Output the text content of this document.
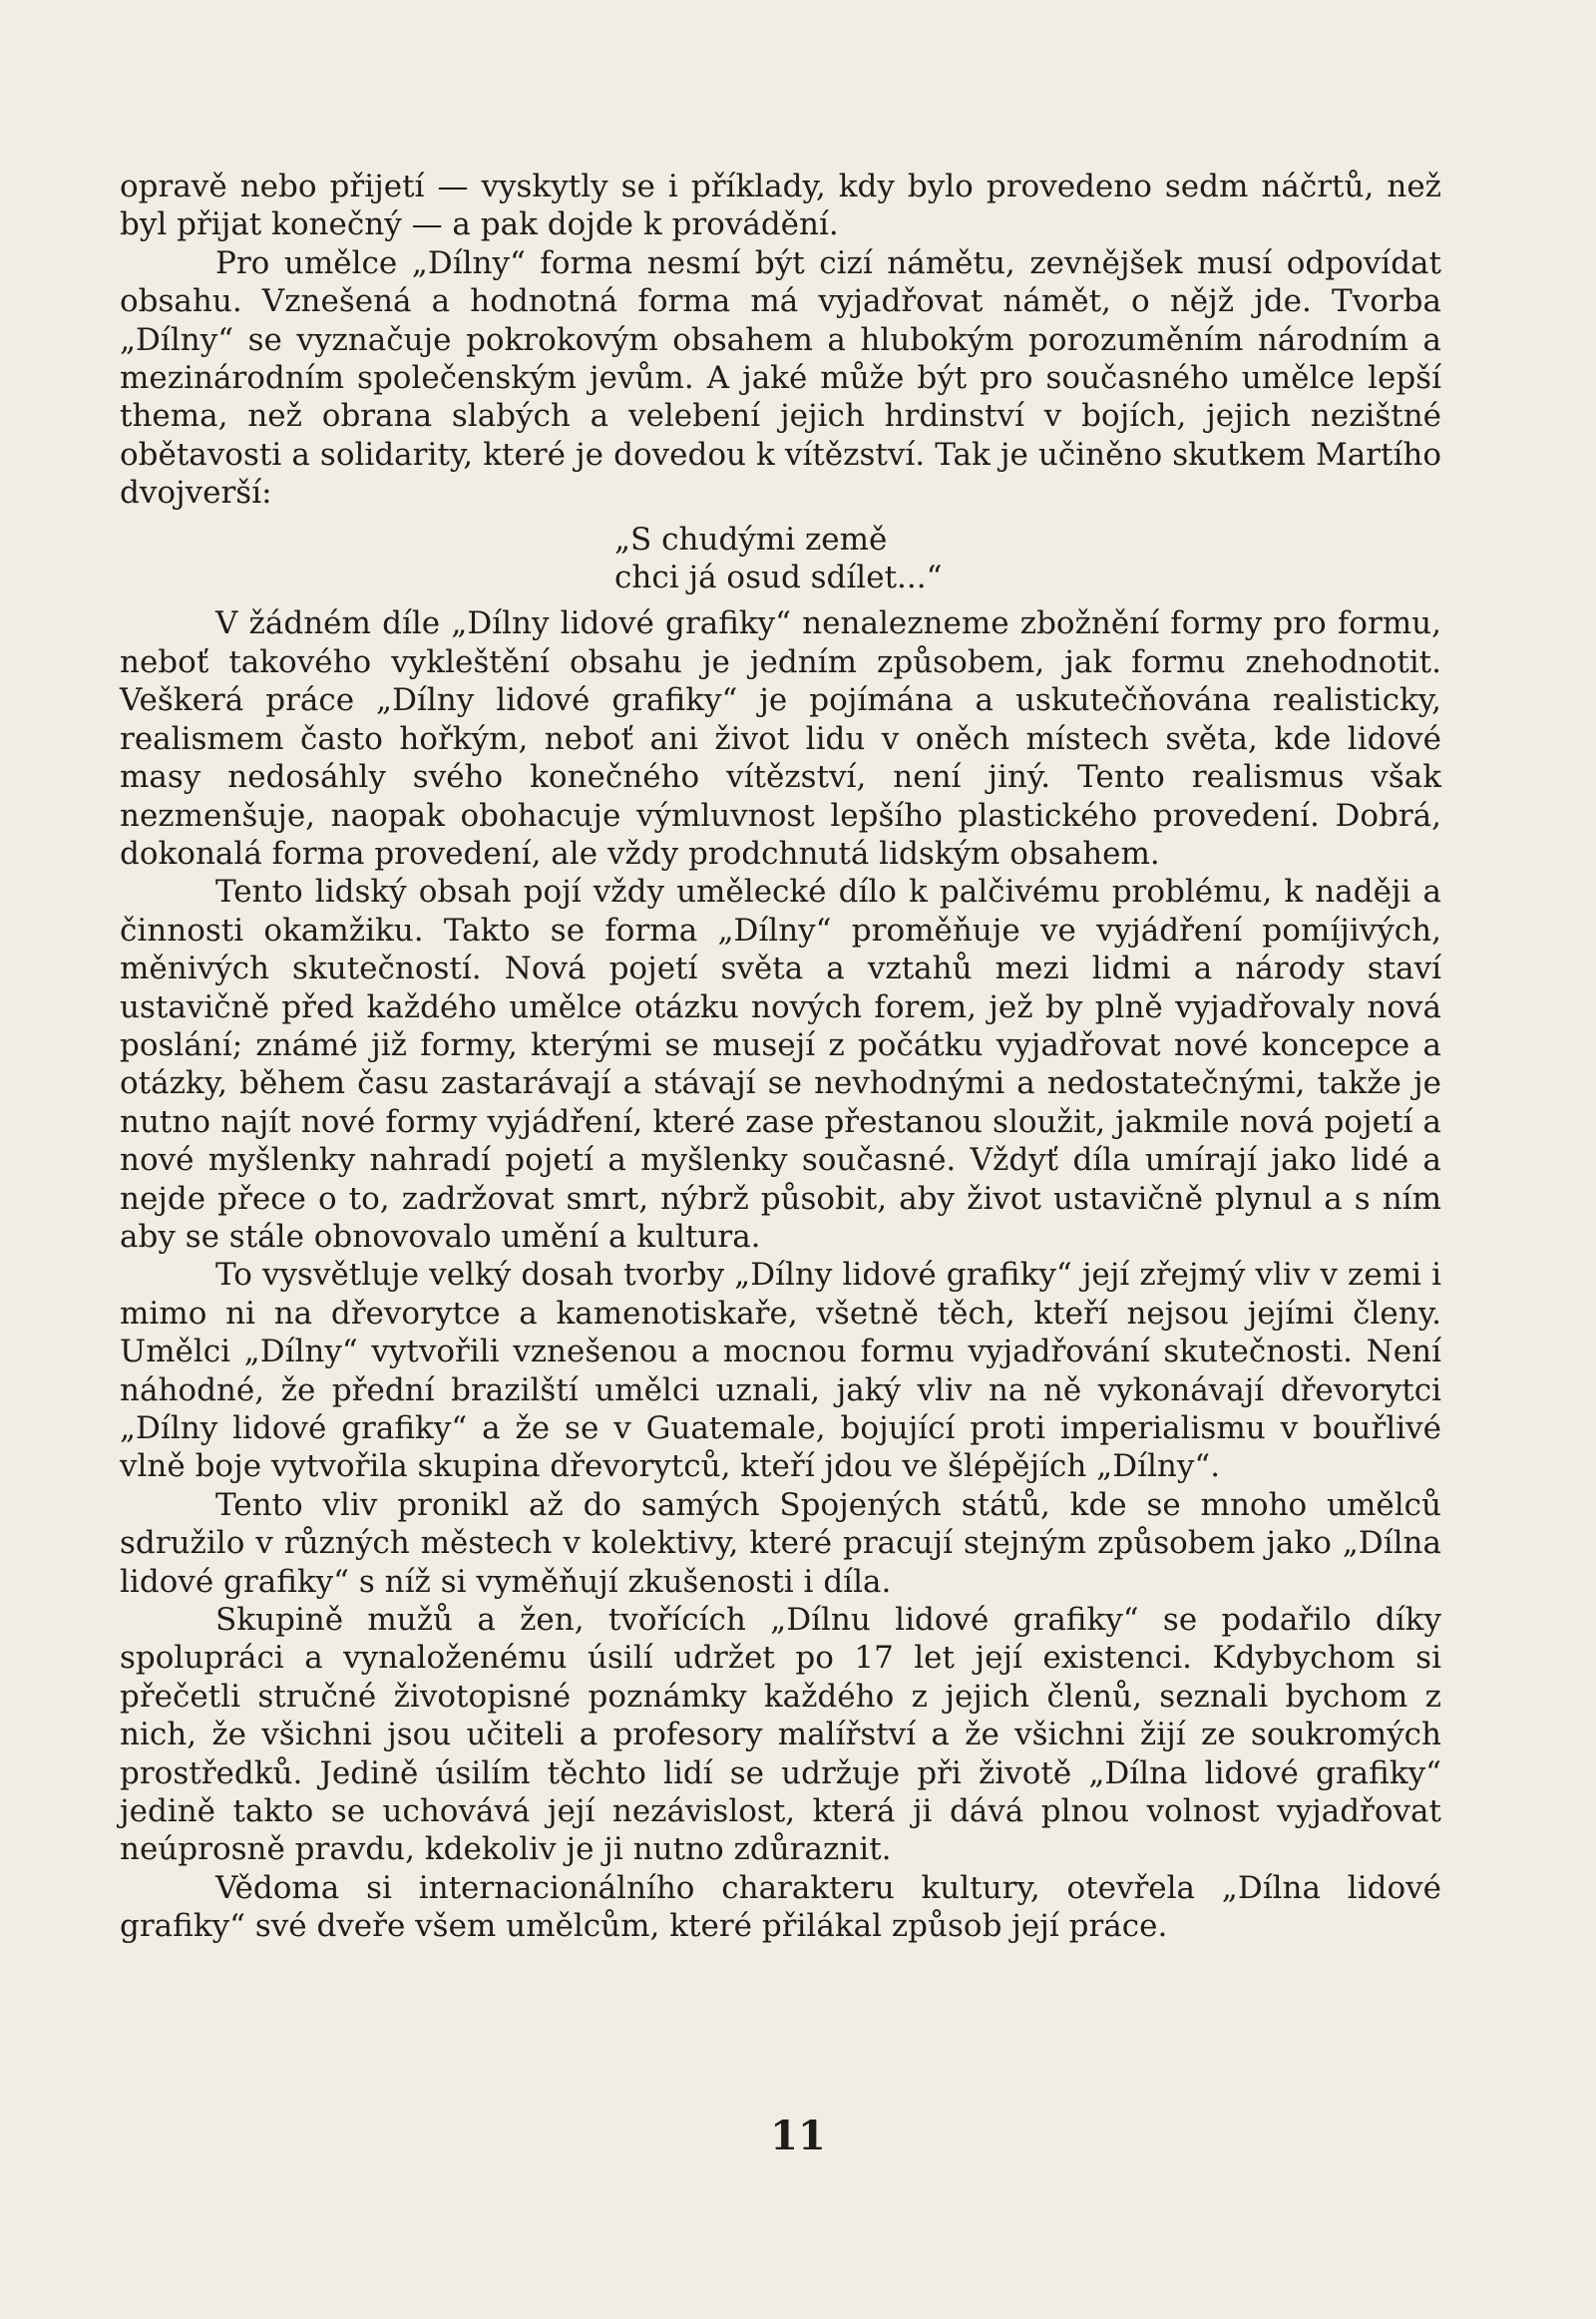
opravě nebo přijetí — vyskytly se i příklady, kdy bylo provedeno sedm náčrtů, než byl přijat konečný — a pak dojde k provádění.

Pro umělce „Dílny“ forma nesmí být cizí námětu, zevnějšek musí odpovídat obsahu. Vznešená a hodnotná forma má vyjadřovat námět, o nějž jde. Tvorba „Dílny“ se vyznačuje pokrokovým obsahem a hlubokým porozuměním národním a mezinárodním společenským jevům. A jaké může být pro současného umělce lepší thema, než obrana slabých a velebení jejich hrdinství v bojích, jejich nezištné obětavosti a solidarity, které je dovedou k vítězství. Tak je učiněno skutkem Martího dvojverší:

„S chudými země
chci já osud sdílet...“

V žádném díle „Dílny lidové grafiky“ nenalezneme zbožnění formy pro formu, neboť takového vykleštění obsahu je jedním způsobem, jak formu znehodnotit. Veškerá práce „Dílny lidové grafiky“ je pojímána a uskutečňována realisticky, realismem často hořkým, neboť ani život lidu v oněch místech světa, kde lidové masy nedosáhly svého konečného vítězství, není jiný. Tento realismus však nezmenšuje, naopak obohacuje výmluvnost lepšího plastického provedení. Dobrá, dokonalá forma provedení, ale vždy prodchnutá lidským obsahem.

Tento lidský obsah pojí vždy umělecké dílo k palčivému problému, k naději a činnosti okamžiku. Takto se forma „Dílny“ proměňuje ve vyjádření pomíjivých, měnivých skutečností. Nová pojetí světa a vztahů mezi lidmi a národy staví ustavičně před každého umělce otázku nových forem, jež by plně vyjadřovaly nová poslání; známé již formy, kterými se musejí z počátku vyjadřovat nové koncepce a otázky, během času zastarávají a stávají se nevhodnými a nedostatečnými, takže je nutno najít nové formy vyjádření, které zase přestanou sloužit, jakmile nová pojetí a nové myšlenky nahradí pojetí a myšlenky současné. Vždyť díla umírají jako lidé a nejde přece o to, zadržovat smrt, nýbrž působit, aby život ustavičně plynul a s ním aby se stále obnovovalo umění a kultura.

To vysvětluje velký dosah tvorby „Dílny lidové grafiky“ její zřejmý vliv v zemi i mimo ni na dřevorytce a kamenotiskaře, všetně těch, kteří nejsou jejími členy. Umělci „Dílny“ vytvořili vznešenou a mocnou formu vyjadřování skutečnosti. Není náhodné, že přední brazilští umělci uznali, jaký vliv na ně vykonávají dřevorytci „Dílny lidové grafiky“ a že se v Guatemale, bojující proti imperialismu v bouřlivé vlně boje vytvořila skupina dřevorytců, kteří jdou ve šlépějích „Dílny“.

Tento vliv pronikl až do samých Spojených států, kde se mnoho umělců sdružilo v různých městech v kolektivy, které pracují stejným způsobem jako „Dílna lidové grafiky“ s níž si vyměňují zkušenosti i díla.

Skupině mužů a žen, tvořících „Dílnu lidové grafiky“ se podařilo díky spolupráci a vynaloženému úsilí udržet po 17 let její existenci. Kdybychom si přečetli stručné životopisné poznámky každého z jejich členů, seznali bychom z nich, že všichni jsou učiteli a profesory malířství a že všichni žijí ze soukromých prostředků. Jedině úsilím těchto lidí se udržuje při životě „Dílna lidové grafiky“ jedině takto se uchovává její nezávislost, která ji dává plnou volnost vyjadřovat neúprosně pravdu, kdekoliv je ji nutno zdůraznit.

Vědoma si internacionálního charakteru kultury, otevřela „Dílna lidové grafiky“ své dveře všem umělcům, které přilákal způsob její práce.

11
